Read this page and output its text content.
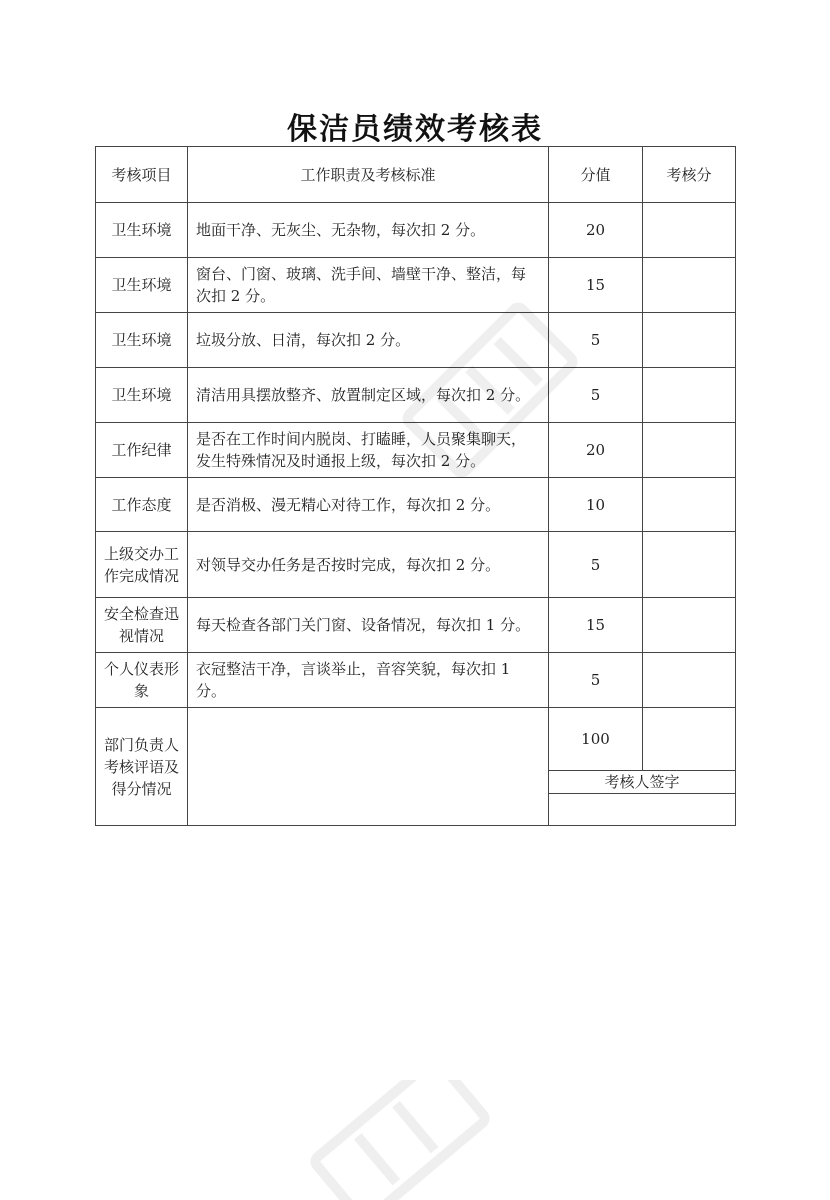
保洁员绩效考核表
考核项目	工作职责及考核标准	分值	考核分
卫生环境	地面干净、无灰尘、无杂物，每次扣 2 分。	20	
卫生环境	窗台、门窗、玻璃、洗手间、墙壁干净、整洁，每次扣 2 分。	15	
卫生环境	垃圾分放、日清，每次扣 2 分。	5	
卫生环境	清洁用具摆放整齐、放置制定区域，每次扣 2 分。	5	
工作纪律	是否在工作时间内脱岗、打瞌睡，人员聚集聊天，发生特殊情况及时通报上级，每次扣 2 分。	20	
工作态度	是否消极、漫无精心对待工作，每次扣 2 分。	10	
上级交办工作完成情况	对领导交办任务是否按时完成，每次扣 2 分。	5	
安全检查迅视情况	每天检查各部门关门窗、设备情况，每次扣 1 分。	15	
个人仪表形象	衣冠整洁干净，言谈举止，音容笑貌，每次扣 1 分。	5	
部门负责人考核评语及得分情况		100	
		考核人签字	
